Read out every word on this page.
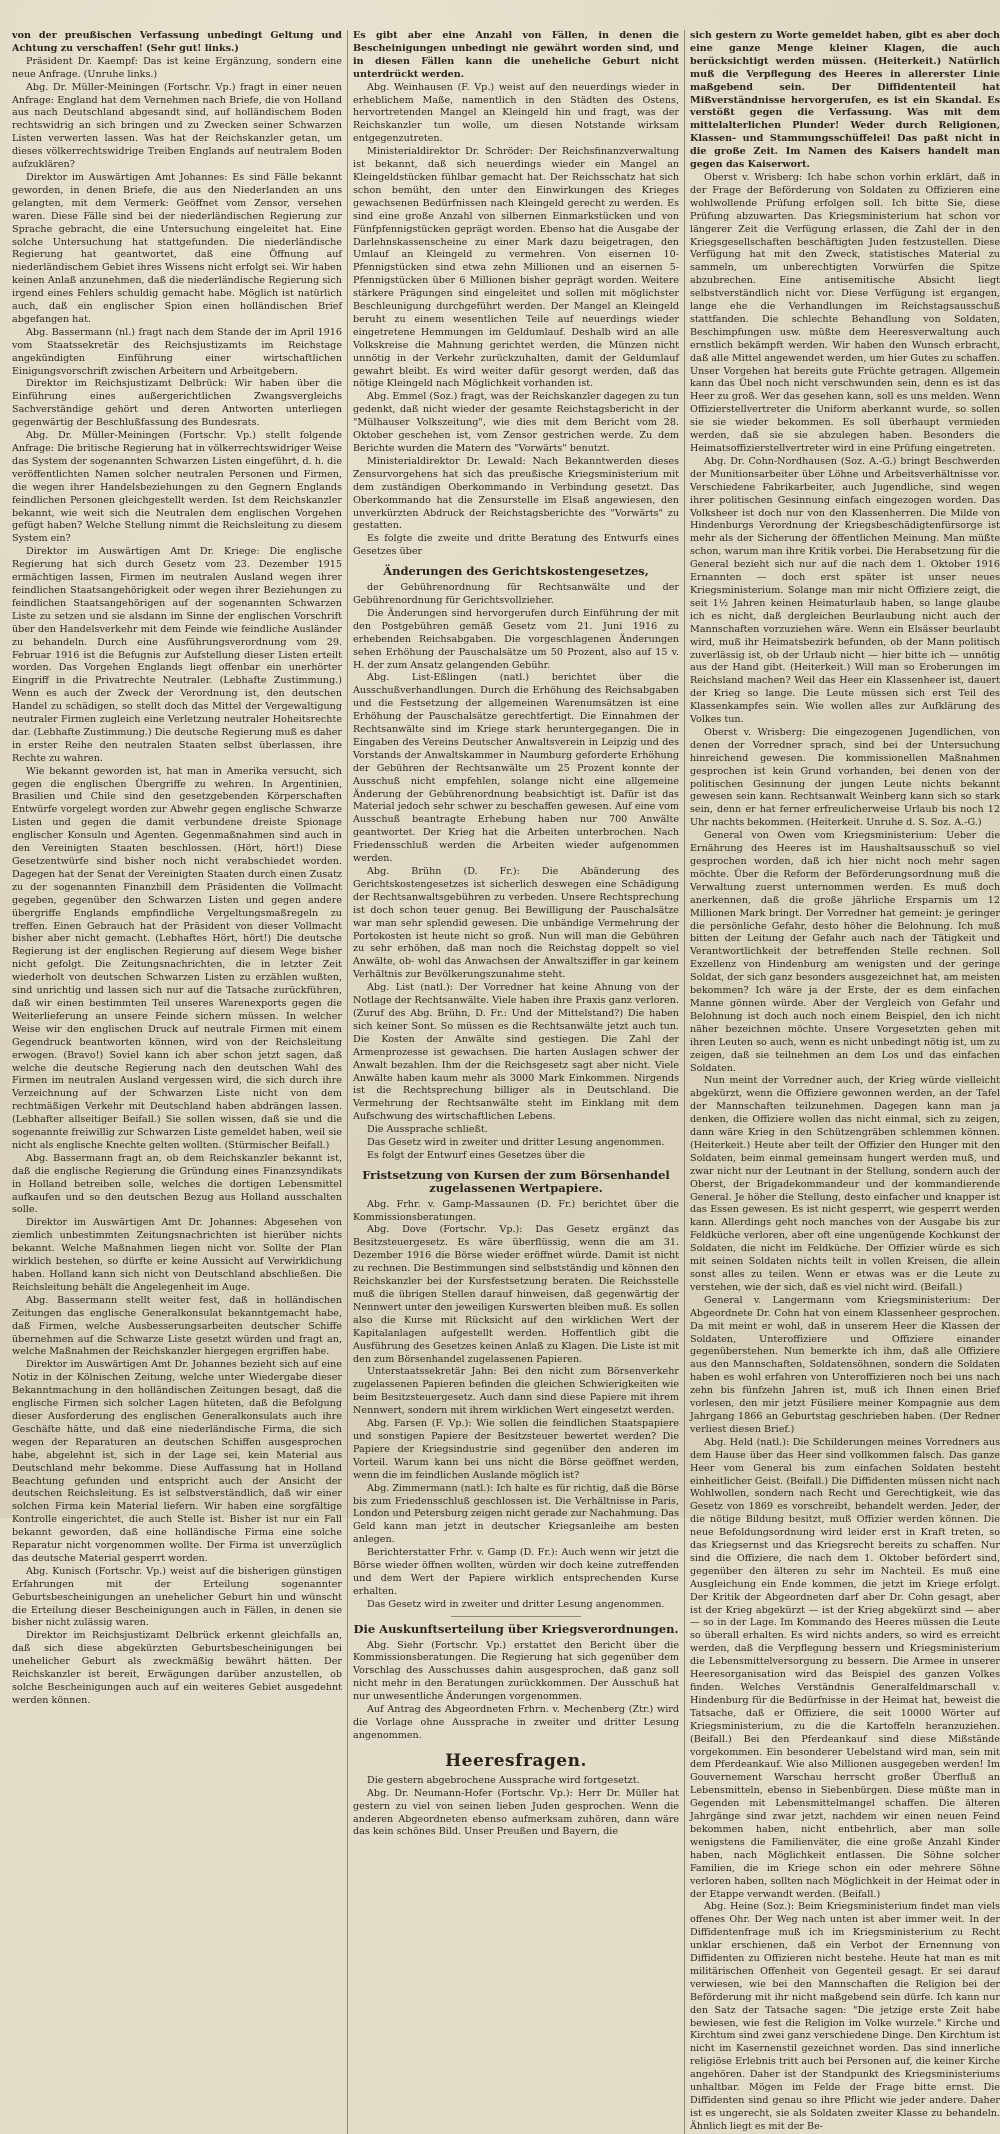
von der preußischen Verfassung unbedingt Geltung und Achtung zu verschaffen! (Sehr gut! links.)

Präsident Dr. Kaempf: Das ist keine Ergänzung, sondern eine neue Anfrage. (Unruhe links.)

Abg. Dr. Müller-Meiningen (Fortschr. Vp.) fragt in einer neuen Anfrage: England hat dem Vernehmen nach Briefe, die von Holland aus nach Deutschland abgesandt sind, auf holländischem Boden rechtswidrig an sich bringen und zu Zwecken seiner Schwarzen Listen verwerten lassen. Was hat der Reichskanzler getan, um dieses völkerrechtswidrige Treiben Englands auf neutralem Boden aufzuklären?

Direktor im Auswärtigen Amt Johannes: Es sind Fälle bekannt geworden, in denen Briefe, die aus den Niederlanden an uns gelangten, mit dem Vermerk: Geöffnet vom Zensor, versehen waren. Diese Fälle sind bei der niederländischen Regierung zur Sprache gebracht, die eine Untersuchung eingeleitet hat. Eine solche Untersuchung hat stattgefunden. Die niederländische Regierung hat geantwortet, daß eine Öffnung auf niederländischem Gebiet ihres Wissens nicht erfolgt sei. Wir haben keinen Anlaß anzunehmen, daß die niederländische Regierung sich irgend eines Fehlers schuldig gemacht habe. Möglich ist natürlich auch, daß ein englischer Spion einen holländischen Brief abgefangen hat.

Abg. Bassermann (nl.) fragt nach dem Stande der im April 1916 vom Staatssekretär des Reichsjustizamts im Reichstage angekündigten Einführung einer wirtschaftlichen Einigungsvorschrift zwischen Arbeitern und Arbeitgebern.

Direktor im Reichsjustizamt Delbrück: Wir haben über die Einführung eines außergerichtlichen Zwangsvergleichs Sachverständige gehört und deren Antworten unterliegen gegenwärtig der Beschlußfassung des Bundesrats.

Abg. Dr. Müller-Meiningen (Fortschr. Vp.) stellt folgende Anfrage: Die britische Regierung hat in völkerrechtswidriger Weise das System der sogenannten Schwarzen Listen eingeführt, d. h. die veröffentlichten Namen solcher neutralen Personen und Firmen, die wegen ihrer Handelsbeziehungen zu den Gegnern Englands feindlichen Personen gleichgestellt werden. Ist dem Reichskanzler bekannt, wie weit sich die Neutralen dem englischen Vorgehen gefügt haben? Welche Stellung nimmt die Reichsleitung zu diesem System ein?

Direktor im Auswärtigen Amt Dr. Kriege: Die englische Regierung hat sich durch Gesetz vom 23. Dezember 1915 ermächtigen lassen, Firmen im neutralen Ausland wegen ihrer feindlichen Staatsangehörigkeit oder wegen ihrer Beziehungen zu feindlichen Staatsangehörigen auf der sogenannten Schwarzen Liste zu setzen und sie alsdann im Sinne der englischen Vorschrift über den Handelsverkehr mit dem Feinde wie feindliche Ausländer zu behandeln. Durch eine Ausführungsverordnung vom 29. Februar 1916 ist die Befugnis zur Aufstellung dieser Listen erteilt worden. Das Vorgehen Englands liegt offenbar ein unerhörter Eingriff in die Privatrechte Neutraler. (Lebhafte Zustimmung.) Wenn es auch der Zweck der Verordnung ist, den deutschen Handel zu schädigen, so stellt doch das Mittel der Vergewaltigung neutraler Firmen zugleich eine Verletzung neutraler Hoheitsrechte dar. (Lebhafte Zustimmung.) Die deutsche Regierung muß es daher in erster Reihe den neutralen Staaten selbst überlassen, ihre Rechte zu wahren.

Wie bekannt geworden ist, hat man in Amerika versucht, sich gegen die englischen Übergriffe zu wehren. In Argentinien, Brasilien und Chile sind den gesetzgebenden Körperschaften Entwürfe vorgelegt worden zur Abwehr gegen englische Schwarze Listen und gegen die damit verbundene dreiste Spionage englischer Konsuln und Agenten. Gegenmaßnahmen sind auch in den Vereinigten Staaten beschlossen. (Hört, hört!) Diese Gesetzentwürfe sind bisher noch nicht verabschiedet worden. Dagegen hat der Senat der Vereinigten Staaten durch einen Zusatz zu der sogenannten Finanzbill dem Präsidenten die Vollmacht gegeben, gegenüber den Schwarzen Listen und gegen andere übergriffe Englands empfindliche Vergeltungsmaßregeln zu treffen. Einen Gebrauch hat der Präsident von dieser Vollmacht bisher aber nicht gemacht. (Lebhaftes Hört, hört!) Die deutsche Regierung ist der englischen Regierung auf diesem Wege bisher nicht gefolgt. Die Zeitungsnachrichten, die in letzter Zeit wiederholt von deutschen Schwarzen Listen zu erzählen wußten, sind unrichtig und lassen sich nur auf die Tatsache zurückführen, daß wir einen bestimmten Teil unseres Warenexports gegen die Weiterlieferung an unsere Feinde sichern müssen. In welcher Weise wir den englischen Druck auf neutrale Firmen mit einem Gegendruck beantworten können, wird von der Reichsleitung erwogen. (Bravo!) Soviel kann ich aber schon jetzt sagen, daß welche die deutsche Regierung nach den deutschen Wahl des Firmen im neutralen Ausland vergessen wird, die sich durch ihre Verzeichnung auf der Schwarzen Liste nicht von dem rechtmäßigen Verkehr mit Deutschland haben abdrängen lassen. (Lebhafter allseitiger Beifall.) Sie sollen wissen, daß sie und die sogenannte freiwillig zur Schwarzen Liste gemeldet haben, weil sie nicht als englische Knechte gelten wollten. (Stürmischer Beifall.)

Abg. Bassermann fragt an, ob dem Reichskanzler bekannt ist, daß die englische Regierung die Gründung eines Finanzsyndikats in Holland betreiben solle, welches die dortigen Lebensmittel aufkaufen und so den deutschen Bezug aus Holland ausschalten solle.

Direktor im Auswärtigen Amt Dr. Johannes: Abgesehen von ziemlich unbestimmten Zeitungsnachrichten ist hierüber nichts bekannt. Welche Maßnahmen liegen nicht vor. Sollte der Plan wirklich bestehen, so dürfte er keine Aussicht auf Verwirklichung haben. Holland kann sich nicht von Deutschland abschließen. Die Reichsleitung behält die Angelegenheit im Auge.

Abg. Bassermann stellt weiter fest, daß in holländischen Zeitungen das englische Generalkonsulat bekanntgemacht habe, daß Firmen, welche Ausbesserungsarbeiten deutscher Schiffe übernehmen auf die Schwarze Liste gesetzt würden und fragt an, welche Maßnahmen der Reichskanzler hiergegen ergriffen habe.

Direktor im Auswärtigen Amt Dr. Johannes bezieht sich auf eine Notiz in der Kölnischen Zeitung, welche unter Wiedergabe dieser Bekanntmachung in den holländischen Zeitungen besagt, daß die englische Firmen sich solcher Lagen hüteten, daß die Befolgung dieser Ausforderung des englischen Generalkonsulats auch ihre Geschäfte hätte, und daß eine niederländische Firma, die sich wegen der Reparaturen an deutschen Schiffen ausgesprochen habe, abgelehnt ist, sich in der Lage sei, kein Material aus Deutschland mehr bekomme. Diese Auffassung hat in Holland Beachtung gefunden und entspricht auch der Ansicht der deutschen Reichsleitung. Es ist selbstverständlich, daß wir einer solchen Firma kein Material liefern. Wir haben eine sorgfältige Kontrolle eingerichtet, die auch Stelle ist. Bisher ist nur ein Fall bekannt geworden, daß eine holländische Firma eine solche Reparatur nicht vorgenommen wollte. Der Firma ist unverzüglich das deutsche Material gesperrt worden.

Abg. Kunisch (Fortschr. Vp.) weist auf die bisherigen günstigen Erfahrungen mit der Erteilung sogenannter Geburtsbescheinigungen an unehelicher Geburt hin und wünscht die Erteilung dieser Bescheinigungen auch in Fällen, in denen sie bisher nicht zulässig waren.

Direktor im Reichsjustizamt Delbrück erkennt gleichfalls an, daß sich diese abgekürzten Geburtsbescheinigungen bei unehelicher Geburt als zweckmäßig bewährt hätten. Der Reichskanzler ist bereit, Erwägungen darüber anzustellen, ob solche Bescheinigungen auch auf ein weiteres Gebiet ausgedehnt werden können.

Es gibt aber eine Anzahl von Fällen, in denen die Bescheinigungen unbedingt nie gewährt worden sind, und in diesen Fällen kann die uneheliche Geburt nicht unterdrückt werden.

Abg. Weinhausen (F. Vp.) weist auf den neuerdings wieder in erheblichem Maße, namentlich in den Städten des Ostens, hervortretenden Mangel an Kleingeld hin und fragt, was der Reichskanzler tun wolle, um diesen Notstande wirksam entgegenzutreten.

Ministerialdirektor Dr. Schröder: Der Reichsfinanzverwaltung ist bekannt, daß sich neuerdings wieder ein Mangel an Kleingeldstücken fühlbar gemacht hat. Der Reichsschatz hat sich schon bemüht, den unter den Einwirkungen des Krieges gewachsenen Bedürfnissen nach Kleingeld gerecht zu werden. Es sind eine große Anzahl von silbernen Einmarkstücken und von Fünfpfennigstücken geprägt worden. Ebenso hat die Ausgabe der Darlehnskassenscheine zu einer Mark dazu beigetragen, den Umlauf an Kleingeld zu vermehren. Von eisernen 10-Pfennigstücken sind etwa zehn Millionen und an eisernen 5-Pfennigstücken über 6 Millionen bisher geprägt worden. Weitere stärkere Prägungen sind eingeleitet und sollen mit möglichster Beschleunigung durchgeführt werden. Der Mangel an Kleingeld beruht zu einem wesentlichen Teile auf neuerdings wieder eingetretene Hemmungen im Geldumlauf. Deshalb wird an alle Volkskreise die Mahnung gerichtet werden, die Münzen nicht unnötig in der Verkehr zurückzuhalten, damit der Geldumlauf gewahrt bleibt. Es wird weiter dafür gesorgt werden, daß das nötige Kleingeld nach Möglichkeit vorhanden ist.

Abg. Emmel (Soz.) fragt, was der Reichskanzler dagegen zu tun gedenkt, daß nicht wieder der gesamte Reichstagsbericht in der "Mülhauser Volkszeitung", wie dies mit dem Bericht vom 28. Oktober geschehen ist, vom Zensor gestrichen werde. Zu dem Berichte wurden die Matern des "Vorwärts" benutzt.

Ministerialdirektor Dr. Lewald: Nach Bekanntwerden dieses Zensurvorgehens hat sich das preußische Kriegsministerium mit dem zuständigen Oberkommando in Verbindung gesetzt. Das Oberkommando hat die Zensurstelle im Elsaß angewiesen, den unverkürzten Abdruck der Reichstagsberichte des "Vorwärts" zu gestatten.

Es folgte die zweite und dritte Beratung des Entwurfs eines Gesetzes über

Änderungen des Gerichtskostengesetzes,

der Gebührenordnung für Rechtsanwälte und der Gebührenordnung für Gerichtsvollzieher.

Die Änderungen sind hervorgerufen durch Einführung der mit den Postgebühren gemäß Gesetz vom 21. Juni 1916 zu erhebenden Reichsabgaben. Die vorgeschlagenen Änderungen sehen Erhöhung der Pauschalsätze um 50 Prozent, also auf 15 v. H. der zum Ansatz gelangenden Gebühr.

Abg. List-Eßlingen (natl.) berichtet über die Ausschußverhandlungen. Durch die Erhöhung des Reichsabgaben und die Festsetzung der allgemeinen Warenumsätzen ist eine Erhöhung der Pauschalsätze gerechtfertigt. Die Einnahmen der Rechtsanwälte sind im Kriege stark heruntergegangen. Die in Eingaben des Vereins Deutscher Anwaltsverein in Leipzig und des Vorstands der Anwaltskammer in Naumburg geforderte Erhöhung der Gebühren der Rechtsanwälte um 25 Prozent konnte der Ausschuß nicht empfehlen, solange nicht eine allgemeine Änderung der Gebührenordnung beabsichtigt ist. Dafür ist das Material jedoch sehr schwer zu beschaffen gewesen. Auf eine vom Ausschuß beantragte Erhebung haben nur 700 Anwälte geantwortet. Der Krieg hat die Arbeiten unterbrochen. Nach Friedensschluß werden die Arbeiten wieder aufgenommen werden.

Abg. Brühn (D. Fr.): Die Abänderung des Gerichtskostengesetzes ist sicherlich deswegen eine Schädigung der Rechtsanwaltsgebühren zu verbeden. Unsere Rechtsprechung ist doch schon teuer genug. Bei Bewilligung der Pauschalsätze war man sehr splendid gewesen. Die unbändige Vermehrung der Portokosten ist heute nicht so groß. Nun will man die Gebühren zu sehr erhöhen, daß man noch die Reichstag doppelt so viel Anwälte, ob- wohl das Anwachsen der Anwaltsziffer in gar keinem Verhältnis zur Bevölkerungszunahme steht.

Abg. List (natl.): Der Vorredner hat keine Ahnung von der Notlage der Rechtsanwälte. Viele haben ihre Praxis ganz verloren. (Zuruf des Abg. Brühn, D. Fr.: Und der Mittelstand?) Die haben sich keiner Sont. So müssen es die Rechtsanwälte jetzt auch tun. Die Kosten der Anwälte sind gestiegen. Die Zahl der Armenprozesse ist gewachsen. Die harten Auslagen schwer der Anwalt bezahlen. Ihm der die Reichsgesetz sagt aber nicht. Viele Anwälte haben kaum mehr als 3000 Mark Einkommen. Nirgends ist die Rechtsprechung billiger als in Deutschland. Die Vermehrung der Rechtsanwälte steht im Einklang mit dem Aufschwung des wirtschaftlichen Lebens.

Die Aussprache schließt.

Das Gesetz wird in zweiter und dritter Lesung angenommen.

Es folgt der Entwurf eines Gesetzes über die

Fristsetzung von Kursen der zum Börsenhandel zugelassenen Wertpapiere.

Abg. Frhr. v. Gamp-Massaunen (D. Fr.) berichtet über die Kommissionsberatungen.

Abg. Dove (Fortschr. Vp.): Das Gesetz ergänzt das Besitzsteuergesetz. Es wäre überflüssig, wenn die am 31. Dezember 1916 die Börse wieder eröffnet würde. Damit ist nicht zu rechnen. Die Bestimmungen sind selbstständig und können den Reichskanzler bei der Kursfestsetzung beraten. Die Reichsstelle muß die übrigen Stellen darauf hinweisen, daß gegenwärtig der Nennwert unter den jeweiligen Kurswerten bleiben muß. Es sollen also die Kurse mit Rücksicht auf den wirklichen Wert der Kapitalanlagen aufgestellt werden. Hoffentlich gibt die Ausführung des Gesetzes keinen Anlaß zu Klagen. Die Liste ist mit den zum Börsenhandel zugelassenen Papieren.

Unterstaatssekretär Jahn: Bei den nicht zum Börsenverkehr zugelassenen Papieren befinden die gleichen Schwierigkeiten wie beim Besitzsteuergesetz. Auch dann sind diese Papiere mit ihrem Nennwert, sondern mit ihrem wirklichen Wert eingesetzt werden.

Abg. Farsen (F. Vp.): Wie sollen die feindlichen Staatspapiere und sonstigen Papiere der Besitzsteuer bewertet werden? Die Papiere der Kriegsindustrie sind gegenüber den anderen im Vorteil. Warum kann bei uns nicht die Börse geöffnet werden, wenn die im feindlichen Auslande möglich ist?

Abg. Zimmermann (natl.): Ich halte es für richtig, daß die Börse bis zum Friedensschluß geschlossen ist. Die Verhältnisse in Paris, London und Petersburg zeigen nicht gerade zur Nachahmung. Das Geld kann man jetzt in deutscher Kriegsanleihe am besten anlegen.

Berichterstatter Frhr. v. Gamp (D. Fr.): Auch wenn wir jetzt die Börse wieder öffnen wollten, würden wir doch keine zutreffenden und dem Wert der Papiere wirklich entsprechenden Kurse erhalten.

Das Gesetz wird in zweiter und dritter Lesung angenommen.

Die Auskunftserteilung über Kriegsverordnungen.

Abg. Siehr (Fortschr. Vp.) erstattet den Bericht über die Kommissionsberatungen. Die Regierung hat sich gegenüber dem Vorschlag des Ausschusses dahin ausgesprochen, daß ganz soll nicht mehr in den Beratungen zurückkommen. Der Ausschuß hat nur unwesentliche Änderungen vorgenommen.

Auf Antrag des Abgeordneten Frhrn. v. Mechenberg (Ztr.) wird die Vorlage ohne Aussprache in zweiter und dritter Lesung angenommen.

Heeresfragen.

Die gestern abgebrochene Aussprache wird fortgesetzt.

Abg. Dr. Neumann-Hofer (Fortschr. Vp.): Herr Dr. Müller hat gestern zu viel von seinen lieben Juden gesprochen. Wenn die anderen Abgeordneten ebenso aufmerksam zuhören, dann wäre das kein schönes Bild. Unser Preußen und Bayern, die

sich gestern zu Worte gemeldet haben, gibt es aber doch eine ganze Menge kleiner Klagen, die auch berücksichtigt werden müssen. (Heiterkeit.) Natürlich muß die Verpflegung des Heeres in allererster Linie maßgebend sein. Der Diffidententeil hat Mißverständnisse hervorgerufen, es ist ein Skandal. Es verstößt gegen die Verfassung. Was mit dem mittelalterlichen Plunder! Weder durch Religionen, Klassen- und Stammungsschüffelei! Das paßt nicht in die große Zeit. Im Namen des Kaisers handelt man gegen das Kaiserwort.

Oberst v. Wrisberg: Ich habe schon vorhin erklärt, daß in der Frage der Beförderung von Soldaten zu Offizieren eine wohlwollende Prüfung erfolgen soll. Ich bitte Sie, diese Prüfung abzuwarten. Das Kriegsministerium hat schon vor längerer Zeit die Verfügung erlassen, die Zahl der in den Kriegsgesellschaften beschäftigten Juden festzustellen. Diese Verfügung hat mit den Zweck, statistisches Material zu sammeln, um unberechtigten Vorwürfen die Spitze abzubrechen. Eine antisemitische Absicht liegt selbstverständlich nicht vor. Diese Verfügung ist ergangen, lange ehe die Verhandlungen im Reichstagsausschuß stattfanden. Die schlechte Behandlung von Soldaten, Beschimpfungen usw. müßte dem Heeresverwaltung auch ernstlich bekämpft werden. Wir haben den Wunsch erbracht, daß alle Mittel angewendet werden, um hier Gutes zu schaffen. Unser Vorgehen hat bereits gute Früchte getragen. Allgemein kann das Übel noch nicht verschwunden sein, denn es ist das Heer zu groß. Wer das gesehen kann, soll es uns melden. Wenn Offizierstellvertreter die Uniform aberkannt wurde, so sollen sie sie wieder bekommen. Es soll überhaupt vermieden werden, daß sie sie abzulegen haben. Besonders die Heimatsoffizierstellvertreter wird in eine Prüfung eingetreten.

Abg. Dr. Cohn-Nordhausen (Soz. A.-G.) bringt Beschwerden der Munitionsarbeiter über Löhne und Arbeitsverhältnisse vor. Verschiedene Fabrikarbeiter, auch Jugendliche, sind wegen ihrer politischen Gesinnung einfach eingezogen worden. Das Volksheer ist doch nur von den Klassenherren. Die Milde von Hindenburgs Verordnung der Kriegsbeschädigtenfürsorge ist mehr als der Sicherung der öffentlichen Meinung. Man müßte schon, warum man ihre Kritik vorbei. Die Herabsetzung für die General bezieht sich nur auf die nach dem 1. Oktober 1916 Ernannten — doch erst später ist unser neues Kriegsministerium. Solange man mir nicht Offiziere zeigt, die seit 1½ Jahren keinen Heimaturlaub haben, so lange glaube ich es nicht, daß dergleichen Beurlaubung nicht auch der Mannschaften vorzuziehen wäre. Wenn ein Elsässer beurlaubt wird, muß ihr Heimatsbezirk befunden, ob der Mann politisch zuverlässig ist, ob der Urlaub nicht — hier bitte ich — unnötig aus der Hand gibt. (Heiterkeit.) Will man so Eroberungen im Reichsland machen? Weil das Heer ein Klassenheer ist, dauert der Krieg so lange. Die Leute müssen sich erst Teil des Klassenkampfes sein. Wie wollen alles zur Aufklärung des Volkes tun.

Oberst v. Wrisberg: Die eingezogenen Jugendlichen, von denen der Vorredner sprach, sind bei der Untersuchung hinreichend gewesen. Die kommissionellen Maßnahmen gesprochen ist kein Grund vorhanden, bei denen von der politischen Gesinnung der jungen Leute nichts bekannt gewesen sein kann. Rechtsanwalt Weinberg kann sich so stark sein, denn er hat ferner erfreulicherweise Urlaub bis noch 12 Uhr nachts bekommen. (Heiterkeit. Unruhe d. S. Soz. A.-G.)

General von Owen vom Kriegsministerium: Ueber die Ernährung des Heeres ist im Haushaltsausschuß so viel gesprochen worden, daß ich hier nicht noch mehr sagen möchte. Über die Reform der Beförderungsordnung muß die Verwaltung zuerst unternommen werden. Es muß doch anerkennen, daß die große jährliche Ersparnis um 12 Millionen Mark bringt. Der Vorredner hat gemeint: je geringer die persönliche Gefahr, desto höher die Belohnung. Ich muß bitten der Leitung der Gefahr auch nach der Tätigkeit und Verantwortlichkeit der betreffenden Stelle rechnen. Soll Exzellenz von Hindenburg am wenigsten und der geringe Soldat, der sich ganz besonders ausgezeichnet hat, am meisten bekommen? Ich wäre ja der Erste, der es dem einfachen Manne gönnen würde. Aber der Vergleich von Gefahr und Belohnung ist doch auch noch einem Beispiel, den ich nicht näher bezeichnen möchte. Unsere Vorgesetzten gehen mit ihren Leuten so auch, wenn es nicht unbedingt nötig ist, um zu zeigen, daß sie teilnehmen an dem Los und das einfachen Soldaten.

Nun meint der Vorredner auch, der Krieg würde vielleicht abgekürzt, wenn die Offiziere gewonnen werden, an der Tafel der Mannschaften teilzunehmen. Dagegen kann man ja denken, die Offiziere wollen das nicht einmal, sich zu zeigen, dann wäre Krieg in den Schützengräben schlemmen können. (Heiterkeit.) Heute aber teilt der Offizier den Hunger mit den Soldaten, beim einmal gemeinsam hungert werden muß, und zwar nicht nur der Leutnant in der Stellung, sondern auch der Oberst, der Brigadekommandeur und der kommandierende General. Je höher die Stellung, desto einfacher und knapper ist das Essen gewesen. Es ist nicht gesperrt, wie gesperrt werden kann. Allerdings geht noch manches von der Ausgabe bis zur Feldküche verloren, aber oft eine ungenügende Kochkunst der Soldaten, die nicht im Feldküche. Der Offizier würde es sich mit seinen Soldaten nichts teilt in vollen Kreisen, die allein sonst alles zu teilen. Wenn er etwas was er die Leute zu verstehen, wie der sich, daß es viel nicht wird. (Beifall.)

General v. Langermann vom Kriegsministerium: Der Abgeordnete Dr. Cohn hat von einem Klassenheer gesprochen. Da mit meint er wohl, daß in unserem Heer die Klassen der Soldaten, Unteroffiziere und Offiziere einander gegenüberstehen. Nun bemerkte ich ihm, daß alle Offiziere aus den Mannschaften, Soldatensöhnen, sondern die Soldaten haben es wohl erfahren von Unteroffizieren noch bei uns nach zehn bis fünfzehn Jahren ist, muß ich Ihnen einen Brief vorlesen, den mir jetzt Füsiliere meiner Kompagnie aus dem Jahrgang 1866 an Geburtstag geschrieben haben. (Der Redner verliest diesen Brief.)

Abg. Held (natl.): Die Schilderungen meines Vorredners aus dem Hause über das Heer sind vollkommen falsch. Das ganze Heer vom General bis zum einfachen Soldaten besteht einheitlicher Geist. (Beifall.) Die Diffidenten müssen nicht nach Wohlwollen, sondern nach Recht und Gerechtigkeit, wie das Gesetz von 1869 es vorschreibt, behandelt werden. Jeder, der die nötige Bildung besitzt, muß Offizier werden können. Die neue Befoldungsordnung wird leider erst in Kraft treten, so das Kriegsernst und das Kriegsrecht bereits zu schaffen. Nur sind die Offiziere, die nach dem 1. Oktober befördert sind, gegenüber den älteren zu sehr im Nachteil. Es muß eine Ausgleichung ein Ende kommen, die jetzt im Kriege erfolgt. Der Kritik der Abgeordneten darf aber Dr. Cohn gesagt, aber ist der Krieg abgekürzt — ist der Krieg abgekürzt sind — aber — so in der Lage. Im Kommando des Heeres müssen die Leute so überall erhalten. Es wird nichts anders, so wird es erreicht werden, daß die Verpflegung bessern und Kriegsministerium die Lebensmittelversorgung zu bessern. Die Armee in unserer Heeresorganisation wird das Beispiel des ganzen Volkes finden. Welches Verständnis Generalfeldmarschall v. Hindenburg für die Bedürfnisse in der Heimat hat, beweist die Tatsache, daß er Offiziere, die seit 10000 Wörter auf Kriegsministerium, zu die die Kartoffeln heranzuziehen. (Beifall.) Bei den Pferdeankauf sind diese Mißstände vorgekommen. Ein besonderer Uebelstand wird man, sein mit dem Pferdeankauf. Wie also Millionen ausgegeben werden! Im Gouvernement Warschau herrscht großer Überfluß an Lebensmitteln, ebenso in Siebenbürgen. Diese müßte man in Gegenden mit Lebensmittelmangel schaffen. Die älteren Jahrgänge sind zwar jetzt, nachdem wir einen neuen Feind bekommen haben, nicht entbehrlich, aber man solle wenigstens die Familienväter, die eine große Anzahl Kinder haben, nach Möglichkeit entlassen. Die Söhne solcher Familien, die im Kriege schon ein oder mehrere Söhne verloren haben, sollten nach Möglichkeit in der Heimat oder in der Etappe verwandt werden. (Beifall.)

Abg. Heine (Soz.): Beim Kriegsministerium findet man viels offenes Ohr. Der Weg nach unten ist aber immer weit. In der Diffidentenfrage muß ich im Kriegsministerium zu Recht unklar erschienen, daß ein Verbot der Ernennung von Diffidenten zu Offizieren nicht bestehe. Heute hat man es mit militärischen Offenheit von Gegenteil gesagt. Er sei darauf verwiesen, wie bei den Mannschaften die Religion bei der Beförderung mit ihr nicht maßgebend sein dürfe. Ich kann nur den Satz der Tatsache sagen: "Die jetzige erste Zeit habe bewiesen, wie fest die Religion im Volke wurzele." Kirche und Kirchtum sind zwei ganz verschiedene Dinge. Den Kirchtum ist nicht im Kasernenstil gezeichnet worden. Das sind innerliche religiöse Erlebnis tritt auch bei Personen auf, die keiner Kirche angehören. Daher ist der Standpunkt des Kriegsministeriums unhaltbar. Mögen im Felde der Frage bitte ernst. Die Diffidenten sind genau so ihre Pflicht wie jeder andere. Daher ist es ungerecht, sie als Soldaten zweiter Klasse zu behandeln. Ähnlich liegt es mit der Be-
